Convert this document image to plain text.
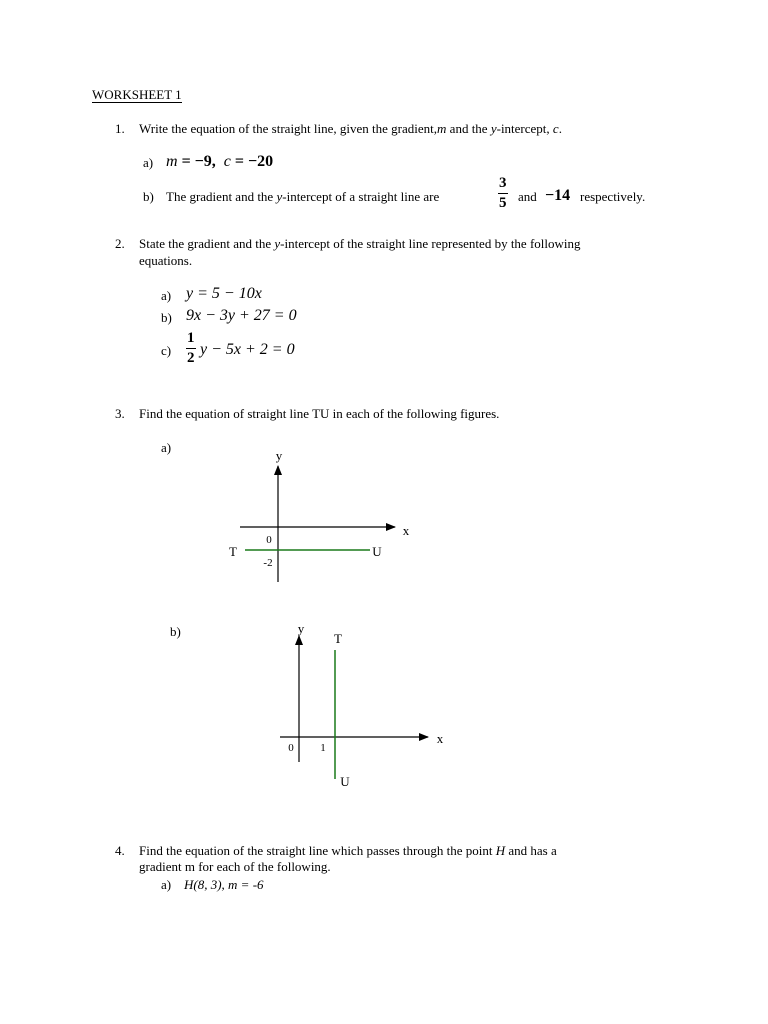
WORKSHEET 1
1. Write the equation of the straight line, given the gradient,m and the y-intercept, c.
a) m = −9, c = −20
b) The gradient and the y-intercept of a straight line are	$\frac{3}{5}$ and −14 respectively.
2. State the gradient and the y-intercept of the straight line represented by the following
equations.
a) y = 5 − 10x
b) 9x − 3y + 27 = 0
$c) \frac{1}{2}$ y − 5x + 2 = 0
3. Find the equation of straight line TU in each of the following figures.
a)
y
x
0
-2
T	U
y
x
0 1
T
U
b)
4. Find the equation of the straight line which passes through the point H and has a
gradient m for each of the following.
a) H(8, 3), m = -6
